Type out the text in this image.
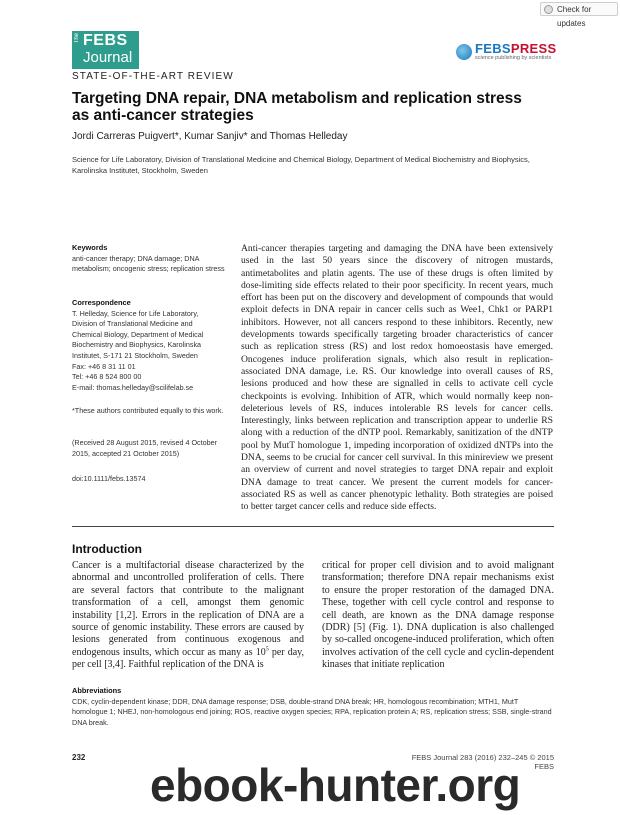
Check for updates
The FEBS
Journal
FEBSPRESS
science publishing by scientists
STATE-OF-THE-ART REVIEW
Targeting DNA repair, DNA metabolism and replication stress as anti-cancer strategies
Jordi Carreras Puigvert*, Kumar Sanjiv* and Thomas Helleday
Science for Life Laboratory, Division of Translational Medicine and Chemical Biology, Department of Medical Biochemistry and Biophysics, Karolinska Institutet, Stockholm, Sweden
Keywords

anti-cancer therapy; DNA damage; DNA metabolism; oncogenic stress; replication stress

Correspondence

T. Helleday, Science for Life Laboratory,

Division of Translational Medicine and

Chemical Biology, Department of Medical

Biochemistry and Biophysics, Karolinska

Institutet, S-171 21 Stockholm, Sweden

Fax: +46 8 31 11 01

Tel: +46 8 524 800 00

E-mail: thomas.helleday@scilifelab.se

*These authors contributed equally to this work.
(Received 28 August 2015, revised 4 October 2015, accepted 21 October 2015)
doi:10.1111/febs.13574
Anti-cancer therapies targeting and damaging the DNA have been extensively used in the last 50 years since the discovery of nitrogen mustards, antimetabolites and platin agents. The use of these drugs is often limited by dose-limiting side effects related to their poor specificity. In recent years, much effort has been put on the discovery and development of compounds that would exploit defects in DNA repair in cancer cells such as Wee1, Chk1 or PARP1 inhibitors. However, not all cancers respond to these inhibitors. Recently, new developments towards specifically targeting broader characteristics of cancer such as replication stress (RS) and lost redox homoeostasis have emerged. Oncogenes induce proliferation signals, which also result in replication-associated DNA damage, i.e. RS. Our knowledge into overall causes of RS, lesions produced and how these are signalled in cells to activate cell cycle checkpoints is evolving. Inhibition of ATR, which would normally keep non-deleterious levels of RS, induces intolerable RS levels for cancer cells. Interestingly, links between replication and transcription appear to underlie RS along with a reduction of the dNTP pool. Remarkably, sanitization of the dNTP pool by MutT homologue 1, impeding incorporation of oxidized dNTPs into the DNA, seems to be crucial for cancer cell survival. In this minireview we present an overview of current and novel strategies to target DNA repair and exploit DNA damage to treat cancer. We present the current models for cancer-associated RS as well as cancer phenotypic lethality. Both strategies are poised to better target cancer cells and reduce side effects.
Introduction
Cancer is a multifactorial disease characterized by the abnormal and uncontrolled proliferation of cells. There are several factors that contribute to the malignant transformation of a cell, amongst them genomic instability [1,2]. Errors in the replication of DNA are a source of genomic instability. These errors are caused by lesions generated from continuous exogenous and endogenous insults, which occur as many as $10^5$ per day, per cell [3,4]. Faithful replication of the DNA is
critical for proper cell division and to avoid malignant transformation; therefore DNA repair mechanisms exist to ensure the proper restoration of the damaged DNA. These, together with cell cycle control and response to cell death, are known as the DNA damage response (DDR) [5] (Fig. 1). DNA duplication is also challenged by so-called oncogene-induced proliferation, which often involves activation of the cell cycle and cyclin-dependent kinases that initiate replication
Abbreviations

CDK, cyclin-dependent kinase; DDR, DNA damage response; DSB, double-strand DNA break; HR, homologous recombination; MTH1, MutT homologue 1; NHEJ, non-homologous end joining; ROS, reactive oxygen species; RPA, replication protein A; RS, replication stress; SSB, single-strand DNA break.

232	FEBS Journal 283 (2016) 232–245 © 2015 FEBS
ebook-hunter.org
